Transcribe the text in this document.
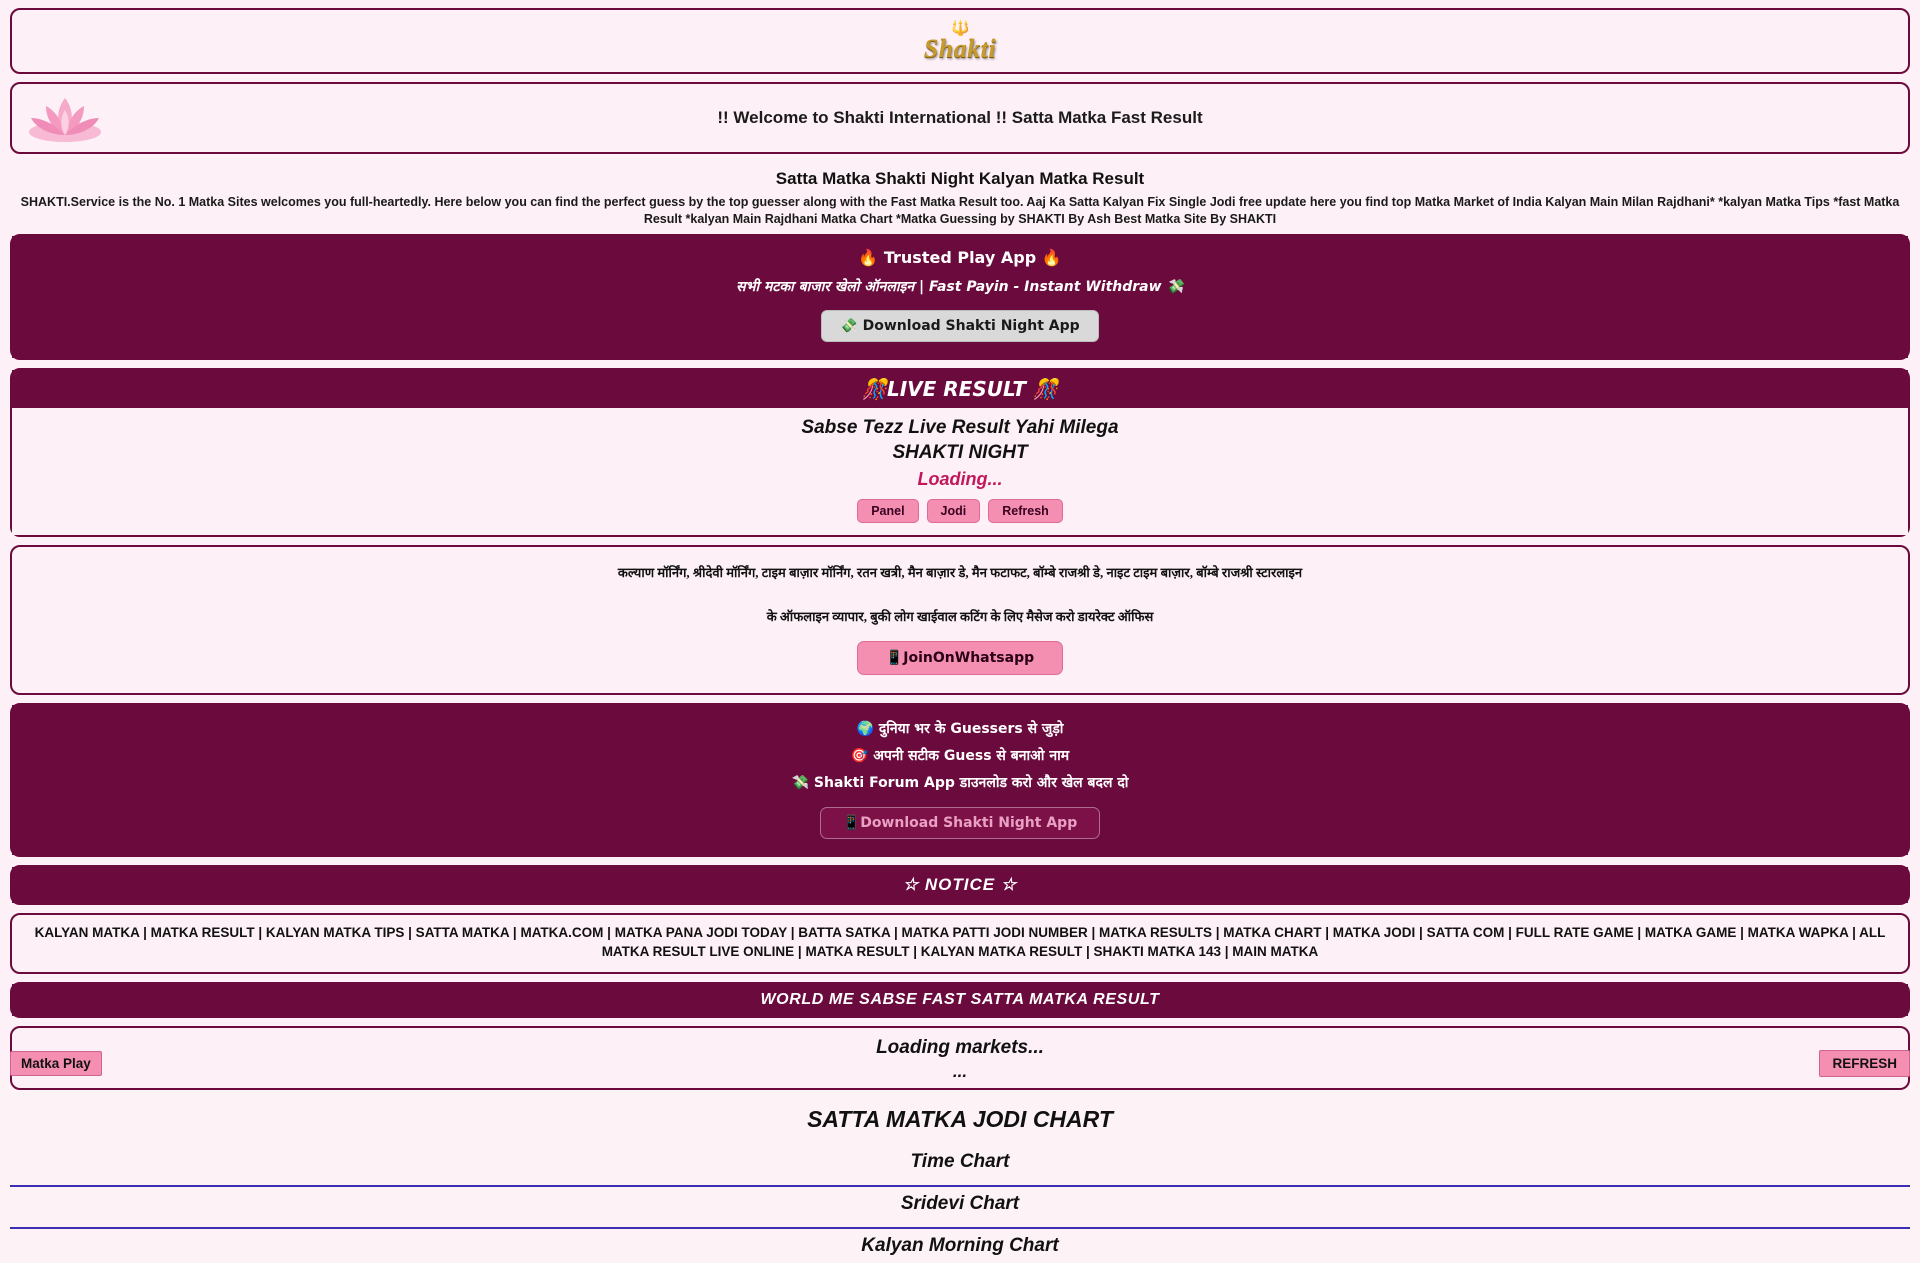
🔱
Shakti
!! Welcome to Shakti International !! Satta Matka Fast Result
Satta Matka Shakti Night Kalyan Matka Result
SHAKTI.Service is the No. 1 Matka Sites welcomes you full-heartedly. Here below you can find the perfect guess by the top guesser along with the Fast Matka Result too. Aaj Ka Satta Kalyan Fix Single Jodi free update here you find top Matka Market of India Kalyan Main Milan Rajdhani* *kalyan Matka Tips *fast Matka Result *kalyan Main Rajdhani Matka Chart *Matka Guessing by SHAKTI By Ash Best Matka Site By SHAKTI
🔥 Trusted Play App 🔥
सभी मटका बाजार खेलो ऑनलाइन | Fast Payin - Instant Withdraw 💸
💸 Download Shakti Night App
🎊LIVE RESULT 🎊
Sabse Tezz Live Result Yahi Milega
SHAKTI NIGHT
Loading...
Panel	Jodi	Refresh
कल्याण मॉर्निंग, श्रीदेवी मॉर्निंग, टाइम बाज़ार मॉर्निंग, रतन खत्री, मैन बाज़ार डे, मैन फटाफट, बॉम्बे राजश्री डे, नाइट टाइम बाज़ार, बॉम्बे राजश्री स्टारलाइन
के ऑफलाइन व्यापार, बुकी लोग खाईवाल कटिंग के लिए मैसेज करो डायरेक्ट ऑफिस
📱JoinOnWhatsapp
🌍 दुनिया भर के Guessers से जुड़ो
🎯 अपनी सटीक Guess से बनाओ नाम
💸 Shakti Forum App डाउनलोड करो और खेल बदल दो
📱Download Shakti Night App
☆ NOTICE ☆
KALYAN MATKA | MATKA RESULT | KALYAN MATKA TIPS | SATTA MATKA | MATKA.COM | MATKA PANA JODI TODAY | BATTA SATKA | MATKA PATTI JODI NUMBER | MATKA RESULTS | MATKA CHART | MATKA JODI | SATTA COM | FULL RATE GAME | MATKA GAME | MATKA WAPKA | ALL MATKA RESULT LIVE ONLINE | MATKA RESULT | KALYAN MATKA RESULT | SHAKTI MATKA 143 | MAIN MATKA
WORLD ME SABSE FAST SATTA MATKA RESULT
Loading markets...
...
SATTA MATKA JODI CHART
Time Chart
Sridevi Chart
Kalyan Morning Chart
Matka Play	REFRESH
